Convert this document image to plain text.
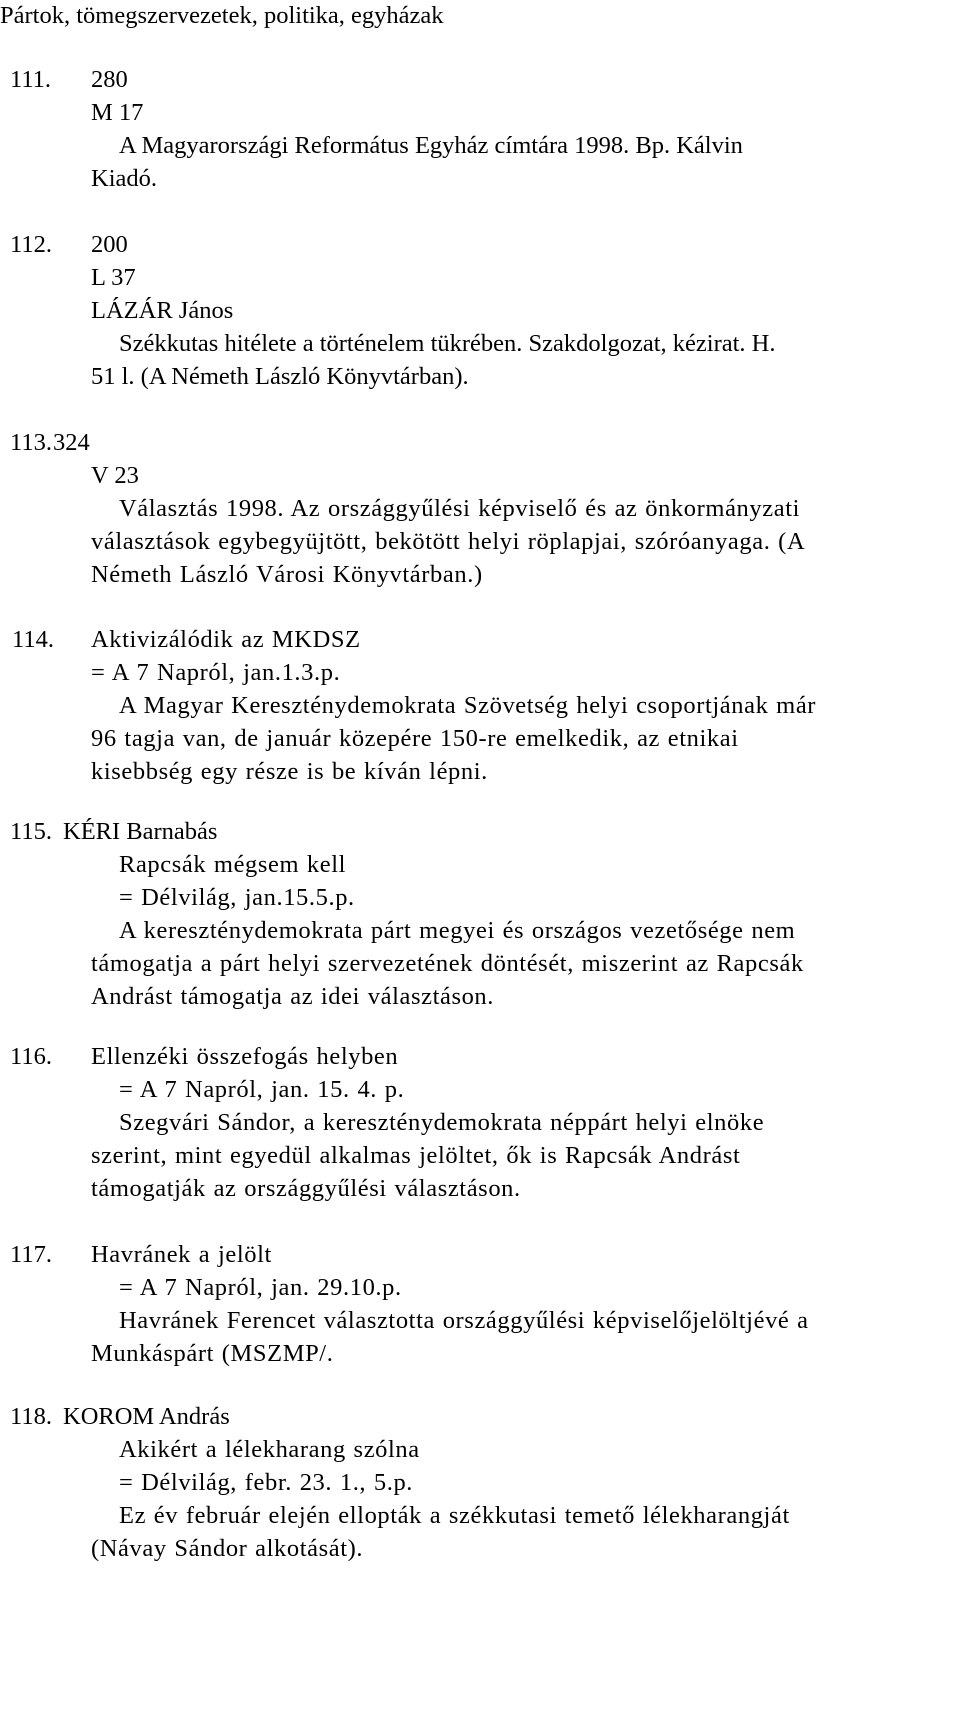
Pártok, tömegszervezetek, politika, egyházak
111. 280
M 17
A Magyarországi Református Egyház címtára 1998. Bp. Kálvin
Kiadó.
112. 200
L 37
LÁZÁR János
Székkutas hitélete a történelem tükrében. Szakdolgozat, kézirat. H.
51 l. (A Németh László Könyvtárban).
113. 324
V 23
Választás 1998. Az országgyűlési képviselő és az önkormányzati
választások egybegyüjtött, bekötött helyi röplapjai, szóróanyaga. (A
Németh László Városi Könyvtárban.)
114. Aktivizálódik az MKDSZ
= A 7 Napról, jan.1.3.p.
A Magyar Kereszténydemokrata Szövetség helyi csoportjának már
96 tagja van, de január közepére 150-re emelkedik, az etnikai
kisebbség egy része is be kíván lépni.
115. KÉRI Barnabás
Rapcsák mégsem kell
= Délvilág, jan.15.5.p.
A kereszténydemokrata párt megyei és országos vezetősége nem
támogatja a párt helyi szervezetének döntését, miszerint az Rapcsák
Andrást támogatja az idei választáson.
116. Ellenzéki összefogás helyben
= A 7 Napról, jan. 15. 4. p.
Szegvári Sándor, a kereszténydemokrata néppárt helyi elnöke
szerint, mint egyedül alkalmas jelöltet, ők is Rapcsák Andrást
támogatják az országgyűlési választáson.
117. Havránek a jelölt
= A 7 Napról, jan. 29.10.p.
Havránek Ferencet választotta országgyűlési képviselőjelöltjévé a
Munkáspárt (MSZMP/.
118. KOROM András
Akikért a lélekharang szólna
= Délvilág, febr. 23. 1., 5.p.
Ez év február elején ellopták a székkutasi temető lélekharangját
(Návay Sándor alkotását).
